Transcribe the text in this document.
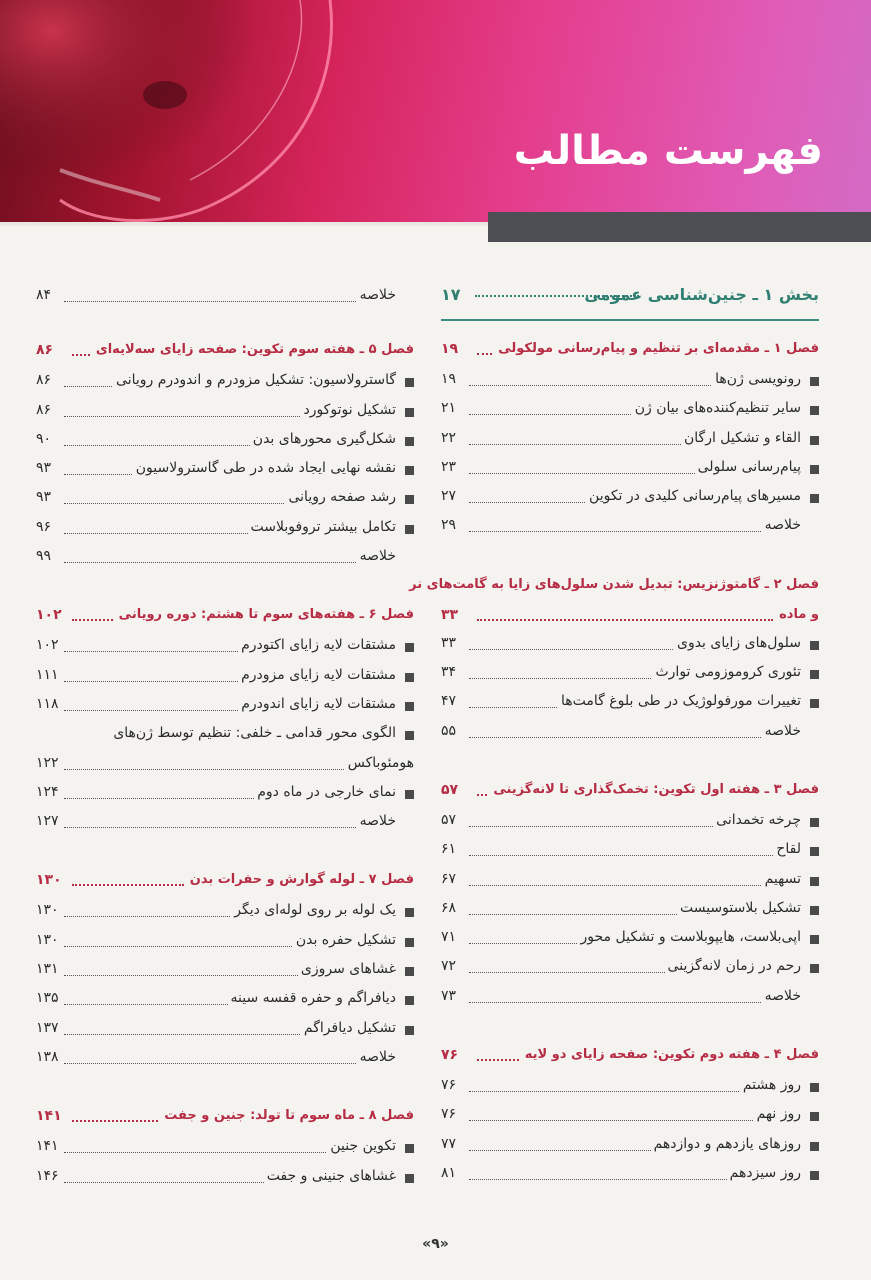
فهرست مطالب
بخش ۱ ـ جنین‌شناسی عمومی
۱۷
فصل ۱ ـ مقدمه‌ای بر تنظیم و پیام‌رسانی مولکولی
۱۹
رونویسی ژن‌ها
۱۹
سایر تنظیم‌کننده‌های بیان ژن
۲۱
القاء و تشکیل ارگان
۲۲
پیام‌رسانی سلولی
۲۳
مسیرهای پیام‌رسانی کلیدی در تکوین
۲۷
خلاصه
۲۹
فصل ۲ ـ گامتوژنزیس: تبدیل شدن سلول‌های زایا به گامت‌های نر
و ماده
۳۳
سلول‌های زایای بدوی
۳۳
تئوری کروموزومی توارث
۳۴
تغییرات مورفولوژیک در طی بلوغ گامت‌ها
۴۷
خلاصه
۵۵
فصل ۳ ـ هفته اول تکوین: تخمک‌گذاری تا لانه‌گزینی
۵۷
چرخه تخمدانی
۵۷
لقاح
۶۱
تسهیم
۶۷
تشکیل بلاستوسیست
۶۸
اپی‌بلاست، هایپوبلاست و تشکیل محور
۷۱
رحم در زمان لانه‌گزینی
۷۲
خلاصه
۷۳
فصل ۴ ـ هفته دوم تکوین: صفحه زایای دو لایه
۷۶
روز هشتم
۷۶
روز نهم
۷۶
روزهای یازدهم و دوازدهم
۷۷
روز سیزدهم
۸۱
خلاصه
۸۴
فصل ۵ ـ هفته سوم تکوین: صفحه زایای سه‌لایه‌ای
۸۶
گاسترولاسیون: تشکیل مزودرم و اندودرم رویانی
۸۶
تشکیل نوتوکورد
۸۶
شکل‌گیری محورهای بدن
۹۰
نقشه نهایی ایجاد شده در طی گاسترولاسیون
۹۳
رشد صفحه رویانی
۹۳
تکامل بیشتر تروفوبلاست
۹۶
خلاصه
۹۹
فصل ۶ ـ هفته‌های سوم تا هشتم: دوره رویانی
۱۰۲
مشتقات لایه زایای اکتودرم
۱۰۲
مشتقات لایه زایای مزودرم
۱۱۱
مشتقات لایه زایای اندودرم
۱۱۸
الگوی محور قدامی ـ خلفی: تنظیم توسط ژن‌های
هومئوباکس
۱۲۲
نمای خارجی در ماه دوم
۱۲۴
خلاصه
۱۲۷
فصل ۷ ـ لوله گوارش و حفرات بدن
۱۳۰
یک لوله بر روی لوله‌ای دیگر
۱۳۰
تشکیل حفره بدن
۱۳۰
غشاهای سروزی
۱۳۱
دیافراگم و حفره قفسه سینه
۱۳۵
تشکیل دیافراگم
۱۳۷
خلاصه
۱۳۸
فصل ۸ ـ ماه سوم تا تولد: جنین و جفت
۱۴۱
تکوین جنین
۱۴۱
غشاهای جنینی و جفت
۱۴۶
«۹»
